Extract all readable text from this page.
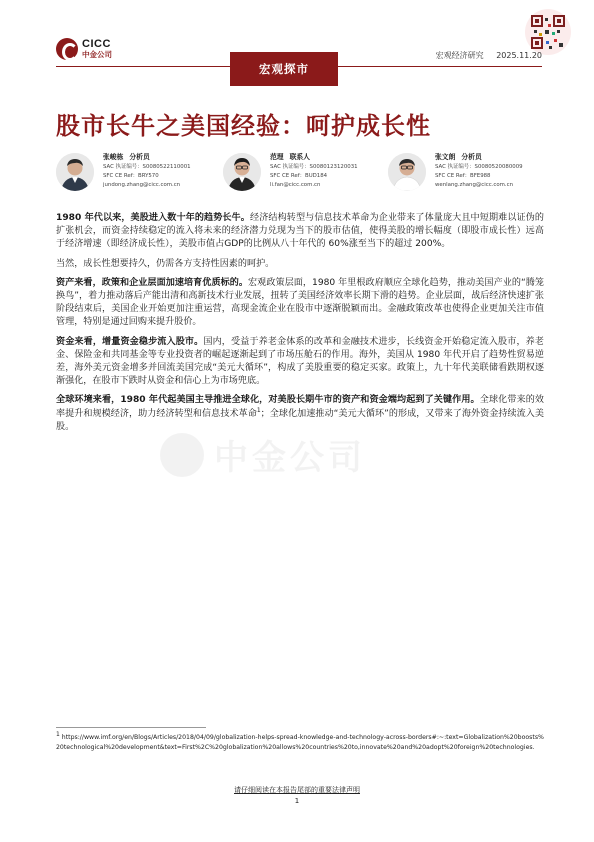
CICC
中金公司	宏观经济研究 2025.11.20
宏观探市
股市长牛之美国经验：呵护成长性
张峻栋 分析员
SAC 执证编号：S0080522110001
SFC CE Ref：BRY570
jundong.zhang@cicc.com.cn
范理 联系人
SAC 执证编号：S0080123120031
SFC CE Ref：BUD184
li.fan@cicc.com.cn
张文朗 分析员
SAC 执证编号：S0080520080009
SFC CE Ref：BFE988
wenlang.zhang@cicc.com.cn
中金公司

1980 年代以来，美股进入数十年的趋势长牛。经济结构转型与信息技术革命为企业带来了体量庞大且中短期难以证伪的扩张机会，而资金持续稳定的流入将未来的经济潜力兑现为当下的股市估值，使得美股的增长幅度（即股市成长性）远高于经济增速（即经济成长性），美股市值占GDP的比例从八十年代的 60%涨至当下的超过 200%。

当然，成长性想要持久，仍需各方支持性因素的呵护。

资产来看，政策和企业层面加速培育优质标的。宏观政策层面，1980 年里根政府顺应全球化趋势，推动美国产业的“腾笼换鸟”，着力推动落后产能出清和高新技术行业发展，扭转了美国经济效率长期下滑的趋势。企业层面，战后经济快速扩张阶段结束后，美国企业开始更加注重运营，高现金流企业在股市中逐渐脱颖而出。金融政策改革也使得企业更加关注市值管理，特别是通过回购来提升股价。

资金来看，增量资金稳步流入股市。国内，受益于养老金体系的改革和金融技术进步，长线资金开始稳定流入股市，养老金、保险金和共同基金等专业投资者的崛起逐渐起到了市场压舱石的作用。海外，美国从 1980 年代开启了趋势性贸易逆差，海外美元资金增多并回流美国完成“美元大循环”，构成了美股重要的稳定买家。政策上，九十年代美联储看跌期权逐渐强化，在股市下跌时从资金和信心上为市场兜底。

全球环境来看，1980 年代起美国主导推进全球化，对美股长期牛市的资产和资金端均起到了关键作用。全球化带来的效率提升和规模经济，助力经济转型和信息技术革命$^1$；全球化加速推动“美元大循环”的形成，又带来了海外资金持续流入美股。

$^1$ https://www.imf.org/en/Blogs/Articles/2018/04/09/globalization-helps-spread-knowledge-and-technology-across-borders#:~:text=Globalization%20boosts%20technological%20development&text=First%2C%20globalization%20allows%20countries%20to,innovate%20and%20adopt%20foreign%20technologies.
请仔细阅读在本报告尾部的重要法律声明
1
